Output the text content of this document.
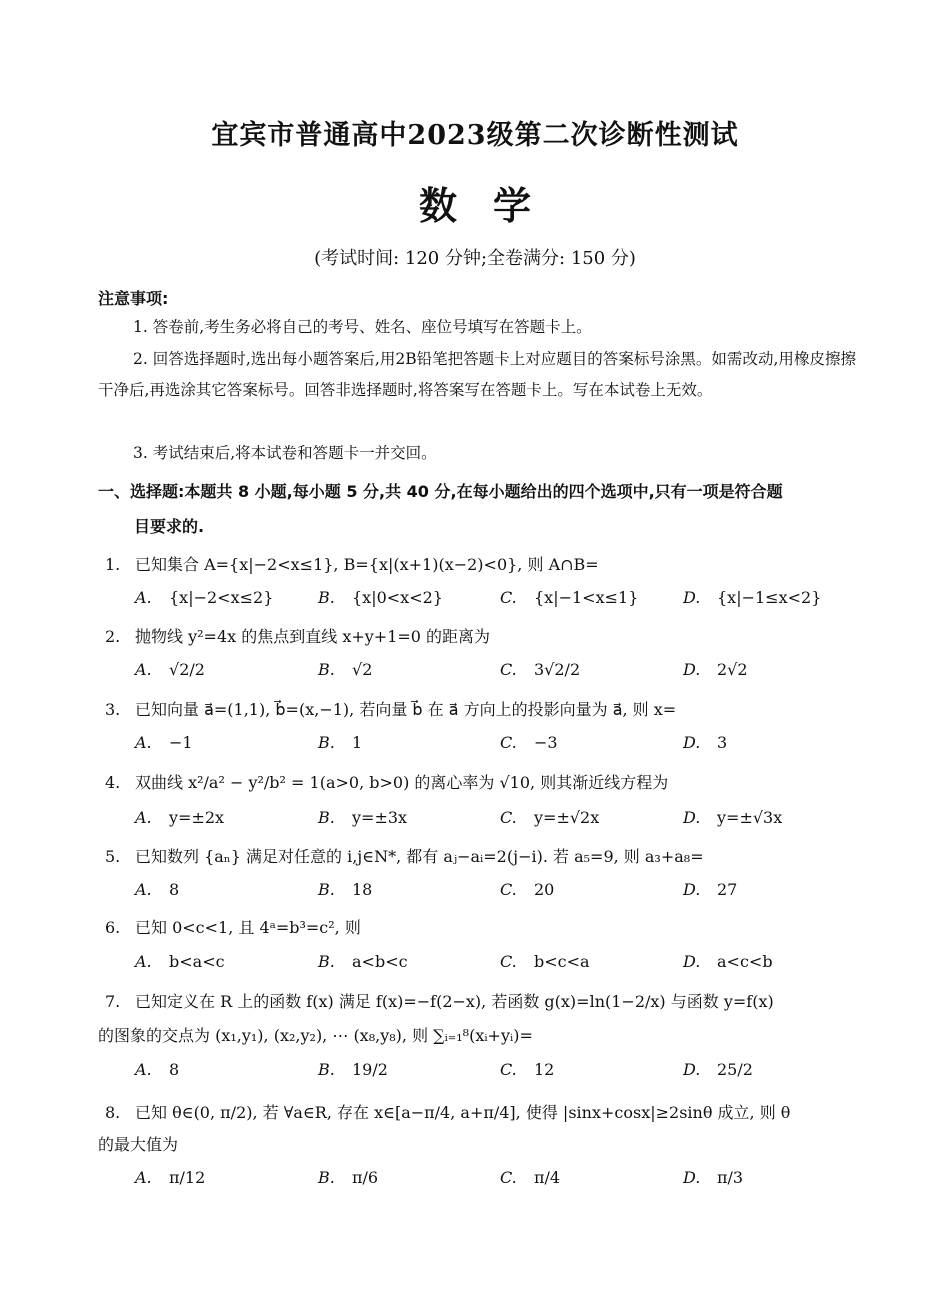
宜宾市普通高中2023级第二次诊断性测试
数学
(考试时间: 120 分钟;全卷满分: 150 分)
注意事项:
1. 答卷前,考生务必将自己的考号、姓名、座位号填写在答题卡上。
2. 回答选择题时,选出每小题答案后,用2B铅笔把答题卡上对应题目的答案标号涂黑。如需改动,用橡皮擦擦干净后,再选涂其它答案标号。回答非选择题时,将答案写在答题卡上。写在本试卷上无效。
3. 考试结束后,将本试卷和答题卡一并交回。
一、选择题:本题共 8 小题,每小题 5 分,共 40 分,在每小题给出的四个选项中,只有一项是符合题
目要求的.
1. 已知集合 A={x|−2<x≤1}, B={x|(x+1)(x−2)<0}, 则 A∩B=
A. {x|−2<x≤2}	B. {x|0<x<2}	C. {x|−1<x≤1}	D. {x|−1≤x<2}
2. 抛物线 y²=4x 的焦点到直线 x+y+1=0 的距离为
A. √2/2	B. √2	C. 3√2/2	D. 2√2
3. 已知向量 a⃗=(1,1), b⃗=(x,−1), 若向量 b⃗ 在 a⃗ 方向上的投影向量为 a⃗, 则 x=
A. −1	B. 1	C. −3	D. 3
4. 双曲线 x²/a² − y²/b² = 1(a>0, b>0) 的离心率为 √10, 则其渐近线方程为
A. y=±2x	B. y=±3x	C. y=±√2x	D. y=±√3x
5. 已知数列 {aₙ} 满足对任意的 i,j∈N*, 都有 aⱼ−aᵢ=2(j−i). 若 a₅=9, 则 a₃+a₈=
A. 8	B. 18	C. 20	D. 27
6. 已知 0<c<1, 且 4ᵃ=b³=c², 则
A. b<a<c	B. a<b<c	C. b<c<a	D. a<c<b
7. 已知定义在 R 上的函数 f(x) 满足 f(x)=−f(2−x), 若函数 g(x)=ln(1−2/x) 与函数 y=f(x)
的图象的交点为 (x₁,y₁), (x₂,y₂), ⋯ (x₈,y₈), 则 ∑ᵢ₌₁⁸(xᵢ+yᵢ)=
A. 8	B. 19/2	C. 12	D. 25/2
8. 已知 θ∈(0, π/2), 若 ∀a∈R, 存在 x∈[a−π/4, a+π/4], 使得 |sinx+cosx|≥2sinθ 成立, 则 θ
的最大值为
A. π/12	B. π/6	C. π/4	D. π/3
